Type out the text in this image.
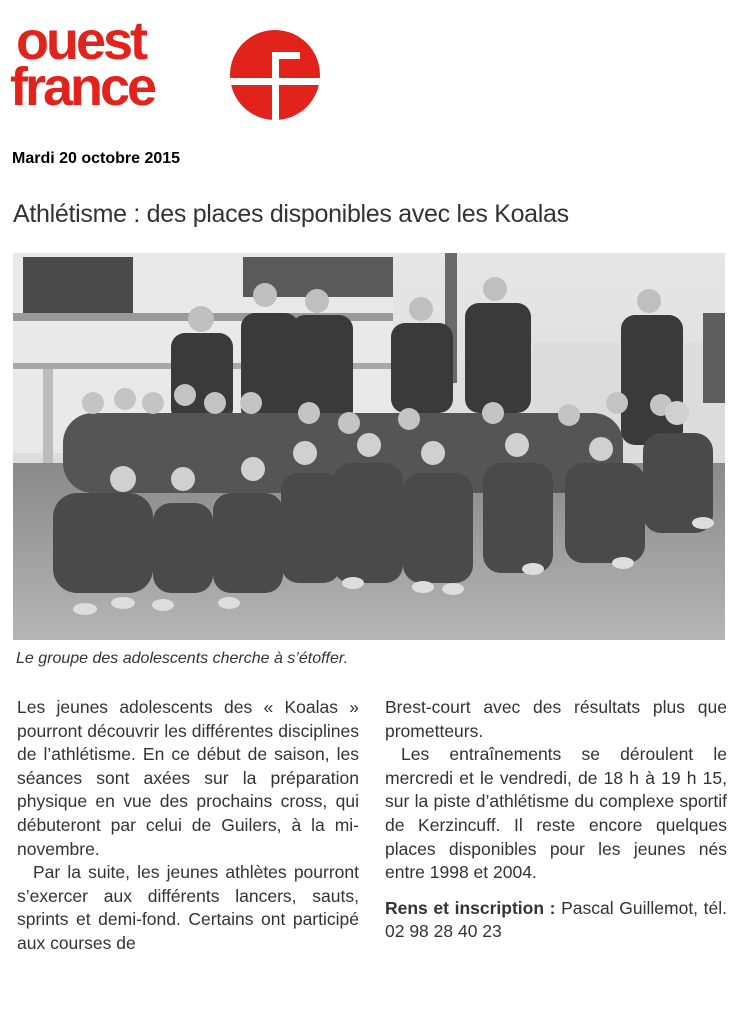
ouest
france
Mardi 20 octobre 2015
Athlétisme : des places disponibles avec les Koalas
Le groupe des adolescents cherche à s’étoffer.

Les jeunes adolescents des « Koalas » pourront découvrir les différentes disciplines de l’athlétisme. En ce début de saison, les séances sont axées sur la préparation physique en vue des prochains cross, qui débuteront par celui de Guilers, à la mi-novembre.

Par la suite, les jeunes athlètes pourront s’exercer aux différents lancers, sauts, sprints et demi-fond. Certains ont participé aux courses de

Brest-court avec des résultats plus que prometteurs.

Les entraînements se déroulent le mercredi et le vendredi, de 18 h à 19 h 15, sur la piste d’athlétisme du complexe sportif de Kerzincuff. Il reste encore quelques places disponibles pour les jeunes nés entre 1998 et 2004.

Rens et inscription : Pascal Guillemot, tél. 02 98 28 40 23
